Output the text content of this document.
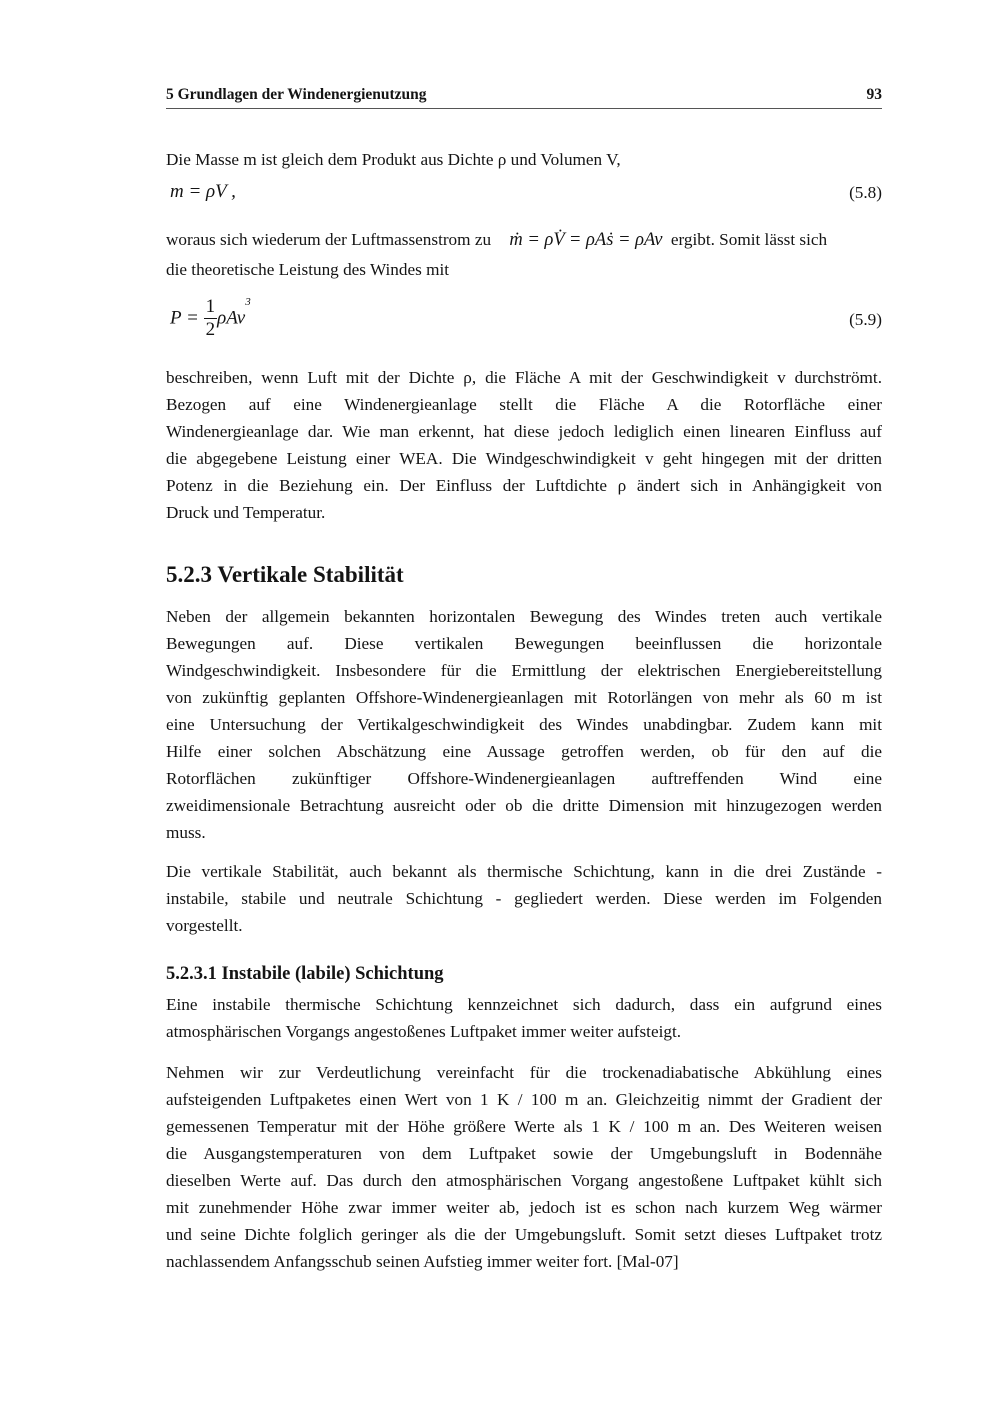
5 Grundlagen der Windenergienutzung	93
Die Masse m ist gleich dem Produkt aus Dichte ρ und Volumen V,
m = ρV ,	(5.8)
woraus sich wiederum der Luftmassenstrom zu ṁ = ρV̇ = ρAṡ = ρAv ergibt. Somit lässt sich
die theoretische Leistung des Windes mit
$P = \frac{1}{2} \rho Av^3$
(5.9)
beschreiben, wenn Luft mit der Dichte ρ, die Fläche A mit der Geschwindigkeit v durchströmt.
Bezogen auf eine Windenergieanlage stellt die Fläche A die Rotorfläche einer
Windenergieanlage dar. Wie man erkennt, hat diese jedoch lediglich einen linearen Einfluss auf
die abgegebene Leistung einer WEA. Die Windgeschwindigkeit v geht hingegen mit der dritten
Potenz in die Beziehung ein. Der Einfluss der Luftdichte ρ ändert sich in Anhängigkeit von
Druck und Temperatur.
5.2.3 Vertikale Stabilität
Neben der allgemein bekannten horizontalen Bewegung des Windes treten auch vertikale
Bewegungen auf. Diese vertikalen Bewegungen beeinflussen die horizontale
Windgeschwindigkeit. Insbesondere für die Ermittlung der elektrischen Energiebereitstellung
von zukünftig geplanten Offshore-Windenergieanlagen mit Rotorlängen von mehr als 60 m ist
eine Untersuchung der Vertikalgeschwindigkeit des Windes unabdingbar. Zudem kann mit
Hilfe einer solchen Abschätzung eine Aussage getroffen werden, ob für den auf die
Rotorflächen zukünftiger Offshore-Windenergieanlagen auftreffenden Wind eine
zweidimensionale Betrachtung ausreicht oder ob die dritte Dimension mit hinzugezogen werden
muss.
Die vertikale Stabilität, auch bekannt als thermische Schichtung, kann in die drei Zustände -
instabile, stabile und neutrale Schichtung - gegliedert werden. Diese werden im Folgenden
vorgestellt.
5.2.3.1 Instabile (labile) Schichtung
Eine instabile thermische Schichtung kennzeichnet sich dadurch, dass ein aufgrund eines
atmosphärischen Vorgangs angestoßenes Luftpaket immer weiter aufsteigt.
Nehmen wir zur Verdeutlichung vereinfacht für die trockenadiabatische Abkühlung eines
aufsteigenden Luftpaketes einen Wert von 1 K / 100 m an. Gleichzeitig nimmt der Gradient der
gemessenen Temperatur mit der Höhe größere Werte als 1 K / 100 m an. Des Weiteren weisen
die Ausgangstemperaturen von dem Luftpaket sowie der Umgebungsluft in Bodennähe
dieselben Werte auf. Das durch den atmosphärischen Vorgang angestoßene Luftpaket kühlt sich
mit zunehmender Höhe zwar immer weiter ab, jedoch ist es schon nach kurzem Weg wärmer
und seine Dichte folglich geringer als die der Umgebungsluft. Somit setzt dieses Luftpaket trotz
nachlassendem Anfangsschub seinen Aufstieg immer weiter fort. [Mal-07]
